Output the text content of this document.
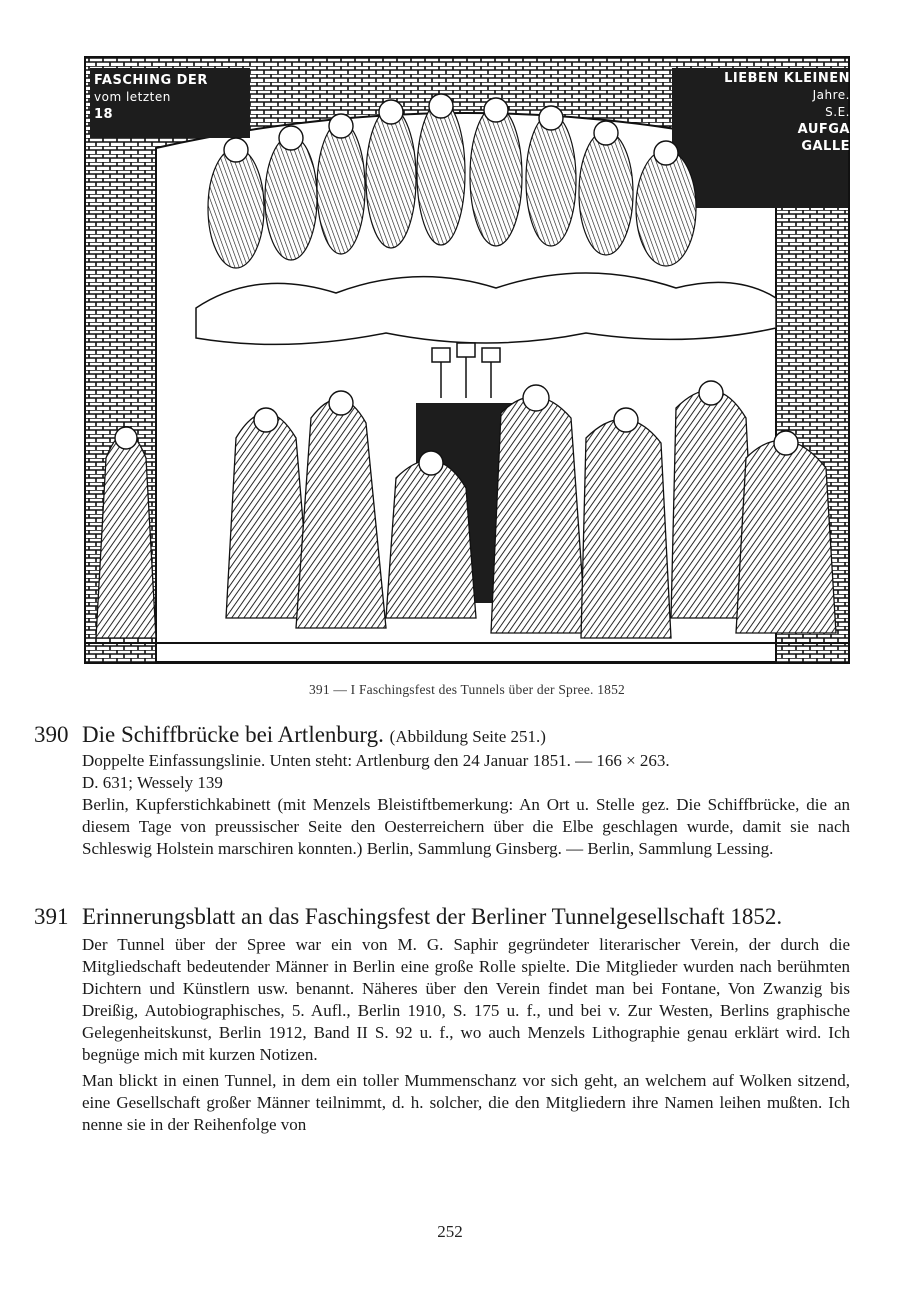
FASCHING DER
vom letzten
18
LIEBEN KLEINEN
Jahre.
S.E.
AUFGA
GALLE
391 — I Faschingsfest des Tunnels über der Spree. 1852
390 Die Schiffbrücke bei Artlenburg. (Abbildung Seite 251.)

Doppelte Einfassungslinie. Unten steht: Artlenburg den 24 Januar 1851. — 166 × 263.

D. 631; Wessely 139

Berlin, Kupferstichkabinett (mit Menzels Bleistiftbemerkung: An Ort u. Stelle gez. Die Schiffbrücke, die an diesem Tage von preussischer Seite den Oesterreichern über die Elbe geschlagen wurde, damit sie nach Schleswig Holstein marschiren konnten.) Berlin, Sammlung Ginsberg. — Berlin, Sammlung Lessing.

391 Erinnerungsblatt an das Faschingsfest der Berliner Tunnelgesellschaft 1852.

Der Tunnel über der Spree war ein von M. G. Saphir gegründeter literarischer Verein, der durch die Mitgliedschaft bedeutender Männer in Berlin eine große Rolle spielte. Die Mitglieder wurden nach berühmten Dichtern und Künstlern usw. benannt. Näheres über den Verein findet man bei Fontane, Von Zwanzig bis Dreißig, Autobiographisches, 5. Aufl., Berlin 1910, S. 175 u. f., und bei v. Zur Westen, Berlins graphische Gelegenheitskunst, Berlin 1912, Band II S. 92 u. f., wo auch Menzels Lithographie genau erklärt wird. Ich begnüge mich mit kurzen Notizen.

Man blickt in einen Tunnel, in dem ein toller Mummenschanz vor sich geht, an welchem auf Wolken sitzend, eine Gesellschaft großer Männer teilnimmt, d. h. solcher, die den Mitgliedern ihre Namen leihen mußten. Ich nenne sie in der Reihenfolge von

252
